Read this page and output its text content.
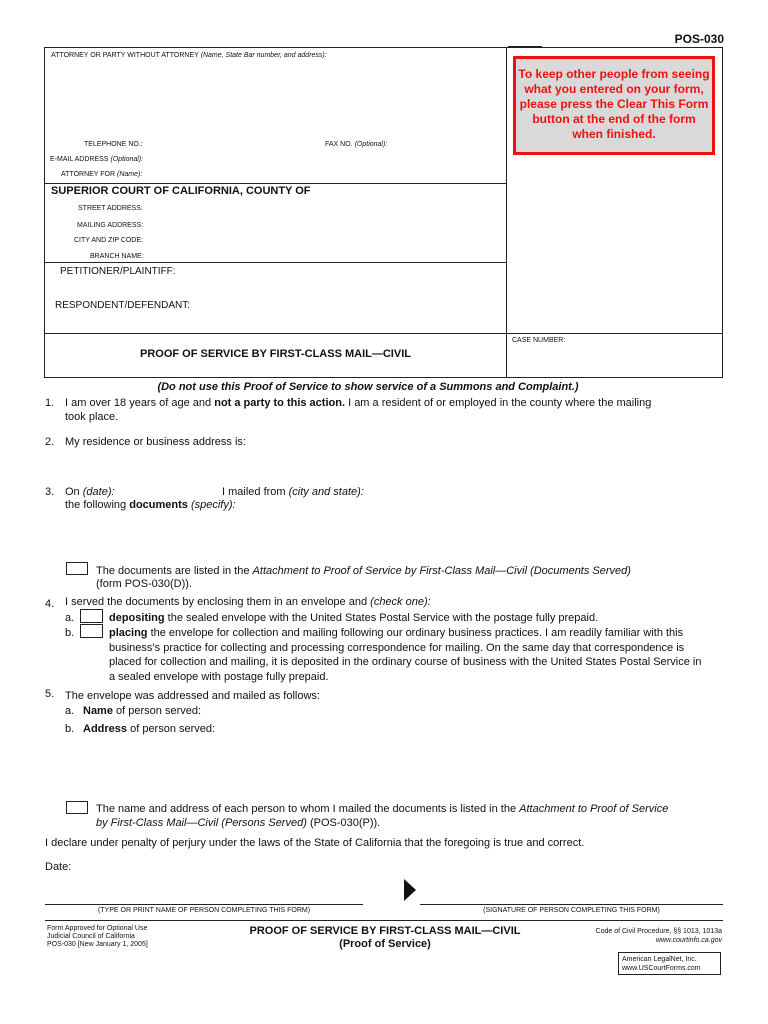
POS-030
ATTORNEY OR PARTY WITHOUT ATTORNEY (Name, State Bar number, and address):
TELEPHONE NO.:	FAX NO. (Optional):
E-MAIL ADDRESS (Optional):
ATTORNEY FOR (Name):
SUPERIOR COURT OF CALIFORNIA, COUNTY OF
STREET ADDRESS:
MAILING ADDRESS:
CITY AND ZIP CODE:
BRANCH NAME:
PETITIONER/PLAINTIFF:
RESPONDENT/DEFENDANT:
PROOF OF SERVICE BY FIRST-CLASS MAIL—CIVIL
CASE NUMBER:
To keep other people from seeing what you entered on your form, please press the Clear This Form button at the end of the form when finished.
(Do not use this Proof of Service to show service of a Summons and Complaint.)
1. I am over 18 years of age and not a party to this action. I am a resident of or employed in the county where the mailing
took place.
2. My residence or business address is:
3. On (date):	I mailed from (city and state):
the following documents (specify):
The documents are listed in the Attachment to Proof of Service by First-Class Mail—Civil (Documents Served)
(form POS-030(D)).
4. I served the documents by enclosing them in an envelope and (check one):
a.	depositing the sealed envelope with the United States Postal Service with the postage fully prepaid.
b.	placing the envelope for collection and mailing following our ordinary business practices. I am readily familiar with this
business’s practice for collecting and processing correspondence for mailing. On the same day that correspondence is
placed for collection and mailing, it is deposited in the ordinary course of business with the United States Postal Service in
a sealed envelope with postage fully prepaid.
5. The envelope was addressed and mailed as follows:
a. Name of person served:
b. Address of person served:
The name and address of each person to whom I mailed the documents is listed in the Attachment to Proof of Service
by First-Class Mail—Civil (Persons Served) (POS-030(P)).
I declare under penalty of perjury under the laws of the State of California that the foregoing is true and correct.
Date:
(TYPE OR PRINT NAME OF PERSON COMPLETING THIS FORM)	(SIGNATURE OF PERSON COMPLETING THIS FORM)
Form Approved for Optional Use
Judicial Council of California
POS-030 [New January 1, 2005]
PROOF OF SERVICE BY FIRST-CLASS MAIL—CIVIL
(Proof of Service)
Code of Civil Procedure, §§ 1013, 1013a
www.courtinfo.ca.gov
American LegalNet, Inc.
www.USCourtForms.com
